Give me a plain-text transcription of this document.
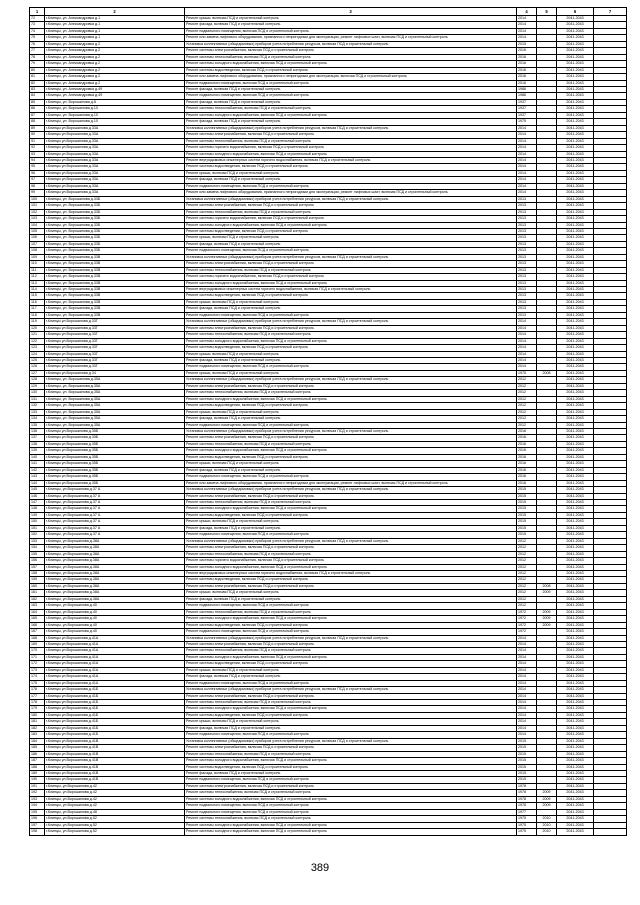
1	2	3	4	5	6	7
72	г.Клинцы, ул. Александровка д.1	Ремонт крыши, включая ПСД и строительный контроль	2014		2041-2043	
73	г.Клинцы, ул. Александровка д.1	Ремонт фасада, включая ПСД и строительный контроль	2014		2041-2043	
74	г.Клинцы, ул. Александровка д.1	Ремонт подвального помещения, включая ПСД и строительный контроль	2014		2041-2043	
75	г.Клинцы, ул. Александровка д.1	Ремонт или замена лифтового оборудования, признанного непригодным для эксплуатации, ремонт лифтовых шахт, включая ПСД и строительный контроль	2014		2041-2043	
76	г.Клинцы, ул. Александровка д.2	Установка коллективных (общедомовых) приборов учета потребления ресурсов, включая ПСД и строительный контроль	2015		2041-2043	
77	г.Клинцы, ул. Александровка д.2	Ремонт системы электроснабжения, включая ПСД и строительный контроль	2016		2041-2043	
78	г.Клинцы, ул. Александровка д.2	Ремонт системы теплоснабжения, включая ПСД и строительный контроль	2016		2041-2043	
79	г.Клинцы, ул. Александровка д.2	Ремонт системы холодного водоснабжения, включая ПСД и строительный контроль	2016		2041-2043	
80	г.Клинцы, ул. Александровка д.2	Ремонт системы водоотведения, включая ПСД и строительный контроль	2016		2041-2043	
81	г.Клинцы, ул. Александровка д.2	Ремонт или замена лифтового оборудования, признанного непригодным для эксплуатации, включая ПСД и строительный контроль	2016		2041-2043	
82	г.Клинцы, ул. Александровка д.2	Ремонт подвального помещения, включая ПСД и строительный контроль	2016		2041-2043	
83	г.Клинцы, ул. Александровка д.49	Ремонт фасада, включая ПСД и строительный контроль	1986		2041-2043	
84	г.Клинцы, ул. Александровка д.49	Ремонт подвального помещения, включая ПСД и строительный контроль	1986		2041-2043	
85	г.Клинцы, ул. Ворошилова д.8	Ремонт фасада, включая ПСД и строительный контроль	1937		2041-2043	
86	г.Клинцы, ул. Ворошилова д.10	Ремонт системы теплоснабжения, включая ПСД и строительный контроль	1937		2041-2043	
87	г.Клинцы, ул. Ворошилова д.10	Ремонт системы холодного водоснабжения, включая ПСД и строительный контроль	1937		2041-2043	
88	г.Клинцы, ул. Ворошилова д.10	Ремонт фасада, включая ПСД и строительный контроль	1975		2041-2043	
89	г.Клинцы ул.Ворошилова д.33А	Установка коллективных (общедомовых) приборов учета потребления ресурсов, включая ПСД и строительный контроль	2014		2041-2043	
90	г.Клинцы ул.Ворошилова д.33А	Ремонт системы электроснабжения, включая ПСД и строительный контроль	2014		2041-2043	
91	г.Клинцы ул.Ворошилова д.33А	Ремонт системы теплоснабжения, включая ПСД и строительный контроль	2014		2041-2043	
92	г.Клинцы ул.Ворошилова д.33А	Ремонт системы горячего водоснабжения, включая ПСД и строительный контроль	2014		2041-2043	
93	г.Клинцы ул.Ворошилова д.33А	Ремонт системы холодного водоснабжения, включая ПСД и строительный контроль	2014		2041-2043	
94	г.Клинцы ул.Ворошилова д.33А	Ремонт внутридомовых инженерных систем горячего водоснабжения, включая ПСД и строительный контроль	2014		2041-2043	
95	г.Клинцы ул.Ворошилова д.33А	Ремонт системы водоотведения, включая ПСД и строительный контроль	2014		2041-2043	
96	г.Клинцы ул.Ворошилова д.33А	Ремонт крыши, включая ПСД и строительный контроль	2014		2041-2043	
97	г.Клинцы ул.Ворошилова д.33А	Ремонт фасада, включая ПСД и строительный контроль	2014		2041-2043	
98	г.Клинцы ул.Ворошилова д.33А	Ремонт подвального помещения, включая ПСД и строительный контроль	2014		2041-2043	
99	г.Клинцы ул.Ворошилова д.33А	Ремонт или замена лифтового оборудования, признанного непригодным для эксплуатации, ремонт лифтовых шахт, включая ПСД и строительный контроль	2014		2041-2043	
100	г.Клинцы, ул. Ворошилова д.33Б	Установка коллективных (общедомовых) приборов учета потребления ресурсов, включая ПСД и строительный контроль	2013		2041-2043	
101	г.Клинцы, ул. Ворошилова д.33Б	Ремонт системы электроснабжения, включая ПСД и строительный контроль	2013		2041-2043	
102	г.Клинцы, ул. Ворошилова д.33Б	Ремонт системы теплоснабжения, включая ПСД и строительный контроль	2013		2041-2043	
103	г.Клинцы, ул. Ворошилова д.33Б	Ремонт системы горячего водоснабжения, включая ПСД и строительный контроль	2013		2041-2043	
104	г.Клинцы, ул. Ворошилова д.33Б	Ремонт системы холодного водоснабжения, включая ПСД и строительный контроль	2013		2041-2043	
105	г.Клинцы, ул. Ворошилова д.33Б	Ремонт системы водоотведения, включая ПСД и строительный контроль	2013		2041-2043	
106	г.Клинцы, ул. Ворошилова д.33Б	Ремонт крыши, включая ПСД и строительный контроль	2013		2041-2043	
107	г.Клинцы, ул. Ворошилова д.33Б	Ремонт фасада, включая ПСД и строительный контроль	2013		2041-2043	
108	г.Клинцы, ул. Ворошилова д.33Б	Ремонт подвального помещения, включая ПСД и строительный контроль	2013		2041-2043	
109	г.Клинцы, ул. Ворошилова д.33В	Установка коллективных (общедомовых) приборов учета потребления ресурсов, включая ПСД и строительный контроль	2013		2041-2043	
110	г.Клинцы, ул. Ворошилова д.33В	Ремонт системы электроснабжения, включая ПСД и строительный контроль	2013		2041-2043	
111	г.Клинцы, ул. Ворошилова д.33В	Ремонт системы теплоснабжения, включая ПСД и строительный контроль	2013		2041-2043	
112	г.Клинцы, ул. Ворошилова д.33В	Ремонт системы горячего водоснабжения, включая ПСД и строительный контроль	2013		2041-2043	
113	г.Клинцы, ул. Ворошилова д.33В	Ремонт системы холодного водоснабжения, включая ПСД и строительный контроль	2013		2041-2043	
114	г.Клинцы, ул. Ворошилова д.33В	Ремонт внутридомовых инженерных систем горячего водоснабжения, включая ПСД и строительный контроль	2013		2041-2043	
115	г.Клинцы, ул. Ворошилова д.33В	Ремонт системы водоотведения, включая ПСД и строительный контроль	2013		2041-2043	
116	г.Клинцы, ул. Ворошилова д.33В	Ремонт крыши, включая ПСД и строительный контроль	2013		2041-2043	
117	г.Клинцы, ул. Ворошилова д.33В	Ремонт фасада, включая ПСД и строительный контроль	2013		2041-2043	
118	г.Клинцы, ул. Ворошилова д.33В	Ремонт подвального помещения, включая ПСД и строительный контроль	2013		2041-2043	
119	г.Клинцы ул.Ворошилова д.33Г	Установка коллективных (общедомовых) приборов учета потребления ресурсов, включая ПСД и строительный контроль	2014		2041-2043	
120	г.Клинцы ул.Ворошилова д.33Г	Ремонт системы электроснабжения, включая ПСД и строительный контроль	2014		2041-2043	
121	г.Клинцы ул.Ворошилова д.33Г	Ремонт системы теплоснабжения, включая ПСД и строительный контроль	2014		2041-2043	
122	г.Клинцы ул.Ворошилова д.33Г	Ремонт системы холодного водоснабжения, включая ПСД и строительный контроль	2014		2041-2043	
123	г.Клинцы ул.Ворошилова д.33Г	Ремонт системы водоотведения, включая ПСД и строительный контроль	2014		2041-2043	
124	г.Клинцы ул.Ворошилова д.33Г	Ремонт крыши, включая ПСД и строительный контроль	2014		2041-2043	
125	г.Клинцы ул.Ворошилова д.33Г	Ремонт фасада, включая ПСД и строительный контроль	2014		2041-2043	
126	г.Клинцы ул.Ворошилова д.33Г	Ремонт подвального помещения, включая ПСД и строительный контроль	2014		2041-2043	
127	г.Клинцы ул.Ворошилова д.34	Ремонт крыши, включая ПСД и строительный контроль	1975	2008	2041-2043	
128	г.Клинцы, ул. Ворошилова д.35А	Установка коллективных (общедомовых) приборов учета потребления ресурсов, включая ПСД и строительный контроль	2012		2041-2043	
129	г.Клинцы, ул. Ворошилова д.35А	Ремонт системы электроснабжения, включая ПСД и строительный контроль	2012		2041-2043	
130	г.Клинцы, ул. Ворошилова д.35А	Ремонт системы теплоснабжения, включая ПСД и строительный контроль	2012		2041-2043	
131	г.Клинцы, ул. Ворошилова д.35А	Ремонт системы холодного водоснабжения, включая ПСД и строительный контроль	2012		2041-2043	
132	г.Клинцы, ул. Ворошилова д.35А	Ремонт системы водоотведения, включая ПСД и строительный контроль	2012		2041-2043	
133	г.Клинцы, ул. Ворошилова д.35А	Ремонт крыши, включая ПСД и строительный контроль	2012		2041-2043	
134	г.Клинцы, ул. Ворошилова д.35А	Ремонт фасада, включая ПСД и строительный контроль	2012		2041-2043	
135	г.Клинцы, ул. Ворошилова д.35А	Ремонт подвального помещения, включая ПСД и строительный контроль	2012		2041-2043	
136	г.Клинцы ул.Ворошилова д.35Б	Установка коллективных (общедомовых) приборов учета потребления ресурсов, включая ПСД и строительный контроль	2016		2041-2043	
137	г.Клинцы ул.Ворошилова д.35Б	Ремонт системы электроснабжения, включая ПСД и строительный контроль	2016		2041-2043	
138	г.Клинцы ул.Ворошилова д.35Б	Ремонт системы теплоснабжения, включая ПСД и строительный контроль	2016		2041-2043	
139	г.Клинцы ул.Ворошилова д.35Б	Ремонт системы холодного водоснабжения, включая ПСД и строительный контроль	2016		2041-2043	
140	г.Клинцы ул.Ворошилова д.35Б	Ремонт системы водоотведения, включая ПСД и строительный контроль	2016		2041-2043	
141	г.Клинцы ул.Ворошилова д.35Б	Ремонт крыши, включая ПСД и строительный контроль	2016		2041-2043	
142	г.Клинцы ул.Ворошилова д.35Б	Ремонт фасада, включая ПСД и строительный контроль	2016		2041-2043	
143	г.Клинцы ул.Ворошилова д.35Б	Ремонт подвального помещения, включая ПСД и строительный контроль	2016		2041-2043	
144	г.Клинцы ул.Ворошилова д.35Б	Ремонт или замена лифтового оборудования, признанного непригодным для эксплуатации, ремонт лифтовых шахт, включая ПСД и строительный контроль	2016		2041-2043	
145	г.Клинцы, ул.Ворошилова д.37 А	Установка коллективных (общедомовых) приборов учета потребления ресурсов, включая ПСД и строительный контроль	2015		2041-2043	
146	г.Клинцы, ул.Ворошилова д.37 А	Ремонт системы электроснабжения, включая ПСД и строительный контроль	2015		2041-2043	
147	г.Клинцы, ул.Ворошилова д.37 А	Ремонт системы теплоснабжения, включая ПСД и строительный контроль	2015		2041-2043	
148	г.Клинцы, ул.Ворошилова д.37 А	Ремонт системы холодного водоснабжения, включая ПСД и строительный контроль	2015		2041-2043	
149	г.Клинцы, ул.Ворошилова д.37 А	Ремонт системы водоотведения, включая ПСД и строительный контроль	2015		2041-2043	
150	г.Клинцы, ул.Ворошилова д.37 А	Ремонт крыши, включая ПСД и строительный контроль	2015		2041-2043	
151	г.Клинцы, ул.Ворошилова д.37 А	Ремонт фасада, включая ПСД и строительный контроль	2015		2041-2043	
152	г.Клинцы, ул.Ворошилова д.37 А	Ремонт подвального помещения, включая ПСД и строительный контроль	2015		2041-2043	
153	г.Клинцы, ул.Ворошилова д.38А	Установка коллективных (общедомовых) приборов учета потребления ресурсов, включая ПСД и строительный контроль	2012		2041-2043	
154	г.Клинцы, ул.Ворошилова д.38А	Ремонт системы электроснабжения, включая ПСД и строительный контроль	2012		2041-2043	
155	г.Клинцы, ул.Ворошилова д.38А	Ремонт системы теплоснабжения, включая ПСД и строительный контроль	2012		2041-2043	
156	г.Клинцы, ул.Ворошилова д.38А	Ремонт системы горячего водоснабжения, включая ПСД и строительный контроль	2012		2041-2043	
157	г.Клинцы, ул.Ворошилова д.38А	Ремонт системы холодного водоснабжения, включая ПСД и строительный контроль	2012		2041-2043	
158	г.Клинцы, ул.Ворошилова д.38А	Ремонт внутридомовых инженерных систем горячего водоснабжения, включая ПСД и строительный контроль	2012		2041-2043	
159	г.Клинцы, ул.Ворошилова д.38А	Ремонт системы водоотведения, включая ПСД и строительный контроль	2012		2041-2043	
160	г.Клинцы, ул.Ворошилова д.38А	Ремонт системы электроснабжения, включая ПСД и строительный контроль	2012	2008	2041-2043	
161	г.Клинцы, ул.Ворошилова д.38А	Ремонт крыши, включая ПСД и строительный контроль	2012	2009	2041-2043	
162	г.Клинцы, ул.Ворошилова д.38А	Ремонт фасада, включая ПСД и строительный контроль	2012		2041-2043	
163	г.Клинцы, ул.Ворошилова д.40	Ремонт подвального помещения, включая ПСД и строительный контроль	2012		2041-2043	
164	г.Клинцы, ул.Ворошилова д.40	Ремонт системы теплоснабжения, включая ПСД и строительный контроль	1972	2009	2041-2043	
165	г.Клинцы, ул.Ворошилова д.40	Ремонт системы холодного водоснабжения, включая ПСД и строительный контроль	1972	2009	2041-2043	
166	г.Клинцы, ул.Ворошилова д.40	Ремонт системы водоотведения, включая ПСД и строительный контроль	1972	2009	2041-2043	
167	г.Клинцы, ул.Ворошилова д.40	Ремонт подвального помещения, включая ПСД и строительный контроль	1972		2041-2043	
168	г.Клинцы ул.Ворошилова д.41А	Установка коллективных (общедомовых) приборов учета потребления ресурсов, включая ПСД и строительный контроль	2014		2041-2043	
169	г.Клинцы ул.Ворошилова д.41А	Ремонт системы электроснабжения, включая ПСД и строительный контроль	2014		2041-2043	
170	г.Клинцы ул.Ворошилова д.41А	Ремонт системы теплоснабжения, включая ПСД и строительный контроль	2014		2041-2043	
171	г.Клинцы ул.Ворошилова д.41А	Ремонт системы холодного водоснабжения, включая ПСД и строительный контроль	2014		2041-2043	
172	г.Клинцы ул.Ворошилова д.41А	Ремонт системы водоотведения, включая ПСД и строительный контроль	2014		2041-2043	
173	г.Клинцы ул.Ворошилова д.41А	Ремонт крыши, включая ПСД и строительный контроль	2014		2041-2043	
174	г.Клинцы ул.Ворошилова д.41А	Ремонт фасада, включая ПСД и строительный контроль	2014		2041-2043	
175	г.Клинцы ул.Ворошилова д.41А	Ремонт подвального помещения, включая ПСД и строительный контроль	2014		2041-2043	
176	г.Клинцы ул.Ворошилова д.41Б	Установка коллективных (общедомовых) приборов учета потребления ресурсов, включая ПСД и строительный контроль	2014		2041-2043	
177	г.Клинцы ул.Ворошилова д.41Б	Ремонт системы электроснабжения, включая ПСД и строительный контроль	2014		2041-2043	
178	г.Клинцы ул.Ворошилова д.41Б	Ремонт системы теплоснабжения, включая ПСД и строительный контроль	2014		2041-2043	
179	г.Клинцы ул.Ворошилова д.41Б	Ремонт системы холодного водоснабжения, включая ПСД и строительный контроль	2014		2041-2043	
180	г.Клинцы ул.Ворошилова д.41Б	Ремонт системы водоотведения, включая ПСД и строительный контроль	2014		2041-2043	
181	г.Клинцы ул.Ворошилова д.41Б	Ремонт крыши, включая ПСД и строительный контроль	2014		2041-2043	
182	г.Клинцы ул.Ворошилова д.41Б	Ремонт фасада, включая ПСД и строительный контроль	2014		2041-2043	
183	г.Клинцы ул.Ворошилова д.41Б	Ремонт подвального помещения, включая ПСД и строительный контроль	2014		2041-2043	
184	г.Клинцы ул.Ворошилова д.41В	Установка коллективных (общедомовых) приборов учета потребления ресурсов, включая ПСД и строительный контроль	2015		2041-2043	
185	г.Клинцы ул.Ворошилова д.41В	Ремонт системы электроснабжения, включая ПСД и строительный контроль	2015		2041-2043	
186	г.Клинцы ул.Ворошилова д.41В	Ремонт системы теплоснабжения, включая ПСД и строительный контроль	2015		2041-2043	
187	г.Клинцы ул.Ворошилова д.41В	Ремонт системы холодного водоснабжения, включая ПСД и строительный контроль	2015		2041-2043	
188	г.Клинцы ул.Ворошилова д.41В	Ремонт системы водоотведения, включая ПСД и строительный контроль	2015		2041-2043	
189	г.Клинцы ул.Ворошилова д.41В	Ремонт фасада, включая ПСД и строительный контроль	2015		2041-2043	
190	г.Клинцы ул.Ворошилова д.41В	Ремонт подвального помещения, включая ПСД и строительный контроль	2015		2041-2043	
191	г.Клинцы, ул.Ворошилова д.42	Ремонт системы электроснабжения, включая ПСД и строительный контроль	1978		2041-2043	
192	г.Клинцы, ул.Ворошилова д.42	Ремонт системы теплоснабжения, включая ПСД и строительный контроль	1978	2009	2041-2043	
193	г.Клинцы, ул.Ворошилова д.42	Ремонт системы холодного водоснабжения, включая ПСД и строительный контроль	1978	2009	2041-2043	
194	г.Клинцы, ул.Ворошилова д.42	Ремонт подвального помещения, включая ПСД и строительный контроль	1978	2009	2041-2043	
195	г.Клинцы, ул.Ворошилова д.48	Ремонт подвального помещения, включая ПСД и строительный контроль	1977		2041-2043	
196	г.Клинцы, ул.Ворошилова д.52	Ремонт системы теплоснабжения, включая ПСД и строительный контроль	1975	2010	2041-2043	
197	г.Клинцы, ул.Ворошилова д.52	Ремонт системы холодного водоснабжения, включая ПСД и строительный контроль	1975	2010	2041-2043	
198	г.Клинцы, ул.Ворошилова д.52	Ремонт системы холодного водоснабжения, включая ПСД и строительный контроль	1975	2010	2041-2043	
389
